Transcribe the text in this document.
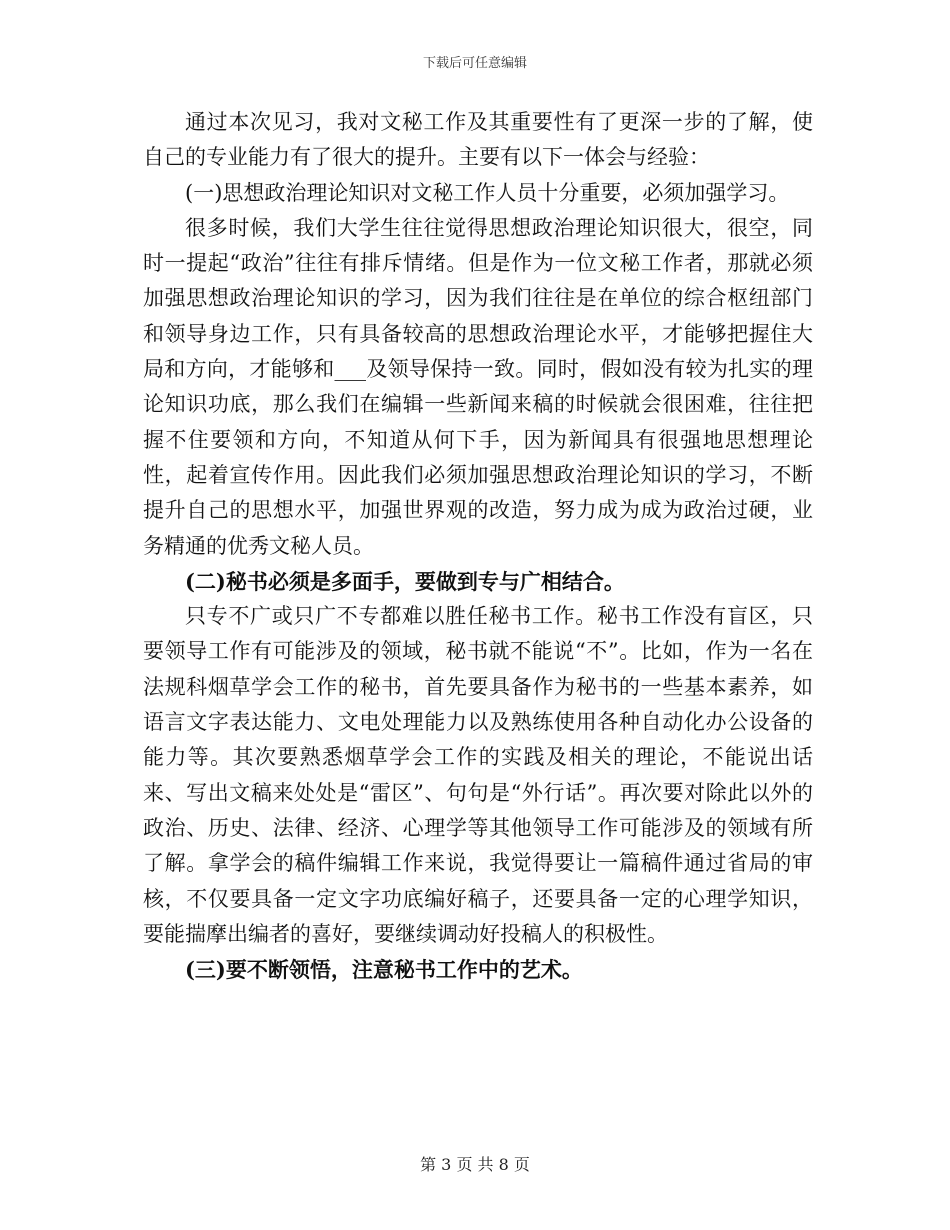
下载后可任意编辑

通过本次见习，我对文秘工作及其重要性有了更深一步的了解，使自己的专业能力有了很大的提升。主要有以下一体会与经验：

(一)思想政治理论知识对文秘工作人员十分重要，必须加强学习。

很多时候，我们大学生往往觉得思想政治理论知识很大，很空，同时一提起“政治”往往有排斥情绪。但是作为一位文秘工作者，那就必须加强思想政治理论知识的学习，因为我们往往是在单位的综合枢纽部门和领导身边工作，只有具备较高的思想政治理论水平，才能够把握住大局和方向，才能够和___及领导保持一致。同时，假如没有较为扎实的理论知识功底，那么我们在编辑一些新闻来稿的时候就会很困难，往往把握不住要领和方向，不知道从何下手，因为新闻具有很强地思想理论性，起着宣传作用。因此我们必须加强思想政治理论知识的学习，不断提升自己的思想水平，加强世界观的改造，努力成为成为政治过硬，业务精通的优秀文秘人员。

(二)秘书必须是多面手，要做到专与广相结合。

只专不广或只广不专都难以胜任秘书工作。秘书工作没有盲区，只要领导工作有可能涉及的领域，秘书就不能说“不”。比如，作为一名在法规科烟草学会工作的秘书，首先要具备作为秘书的一些基本素养，如语言文字表达能力、文电处理能力以及熟练使用各种自动化办公设备的能力等。其次要熟悉烟草学会工作的实践及相关的理论，不能说出话来、写出文稿来处处是“雷区”、句句是“外行话”。再次要对除此以外的政治、历史、法律、经济、心理学等其他领导工作可能涉及的领域有所了解。拿学会的稿件编辑工作来说，我觉得要让一篇稿件通过省局的审核，不仅要具备一定文字功底编好稿子，还要具备一定的心理学知识，要能揣摩出编者的喜好，要继续调动好投稿人的积极性。

(三)要不断领悟，注意秘书工作中的艺术。

第 3 页 共 8 页
